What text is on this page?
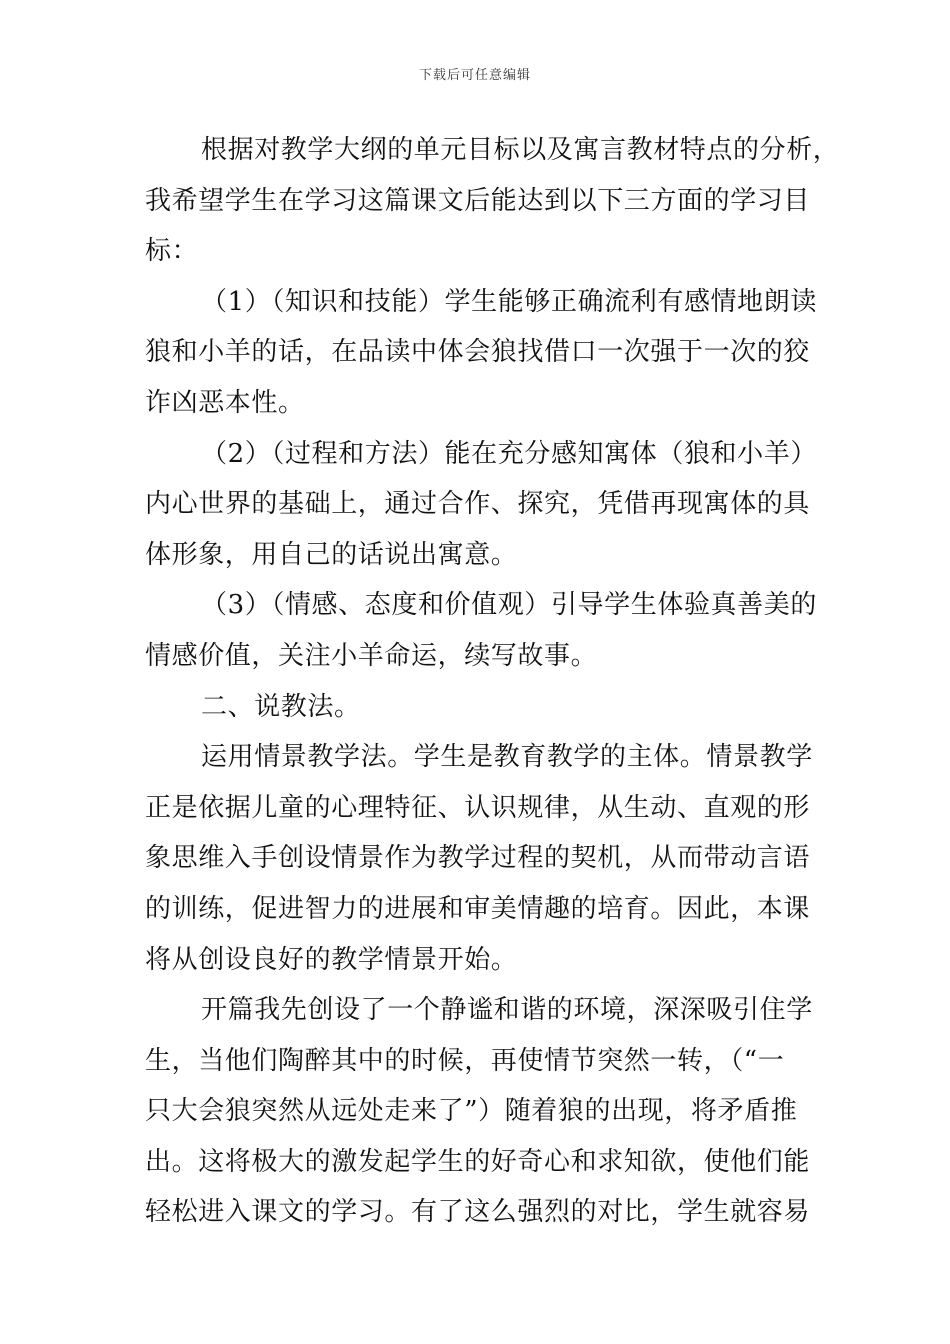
下载后可任意编辑
根据对教学大纲的单元目标以及寓言教材特点的分析，
我希望学生在学习这篇课文后能达到以下三方面的学习目
标：
（1）（知识和技能）学生能够正确流利有感情地朗读
狼和小羊的话，在品读中体会狼找借口一次强于一次的狡
诈凶恶本性。
（2）（过程和方法）能在充分感知寓体（狼和小羊）
内心世界的基础上，通过合作、探究，凭借再现寓体的具
体形象，用自己的话说出寓意。
（3）（情感、态度和价值观）引导学生体验真善美的
情感价值，关注小羊命运，续写故事。
二、说教法。
运用情景教学法。学生是教育教学的主体。情景教学
正是依据儿童的心理特征、认识规律，从生动、直观的形
象思维入手创设情景作为教学过程的契机，从而带动言语
的训练，促进智力的进展和审美情趣的培育。因此，本课
将从创设良好的教学情景开始。
开篇我先创设了一个静谧和谐的环境，深深吸引住学
生，当他们陶醉其中的时候，再使情节突然一转，（“一
只大会狼突然从远处走来了”）随着狼的出现，将矛盾推
出。这将极大的激发起学生的好奇心和求知欲，使他们能
轻松进入课文的学习。有了这么强烈的对比，学生就容易
